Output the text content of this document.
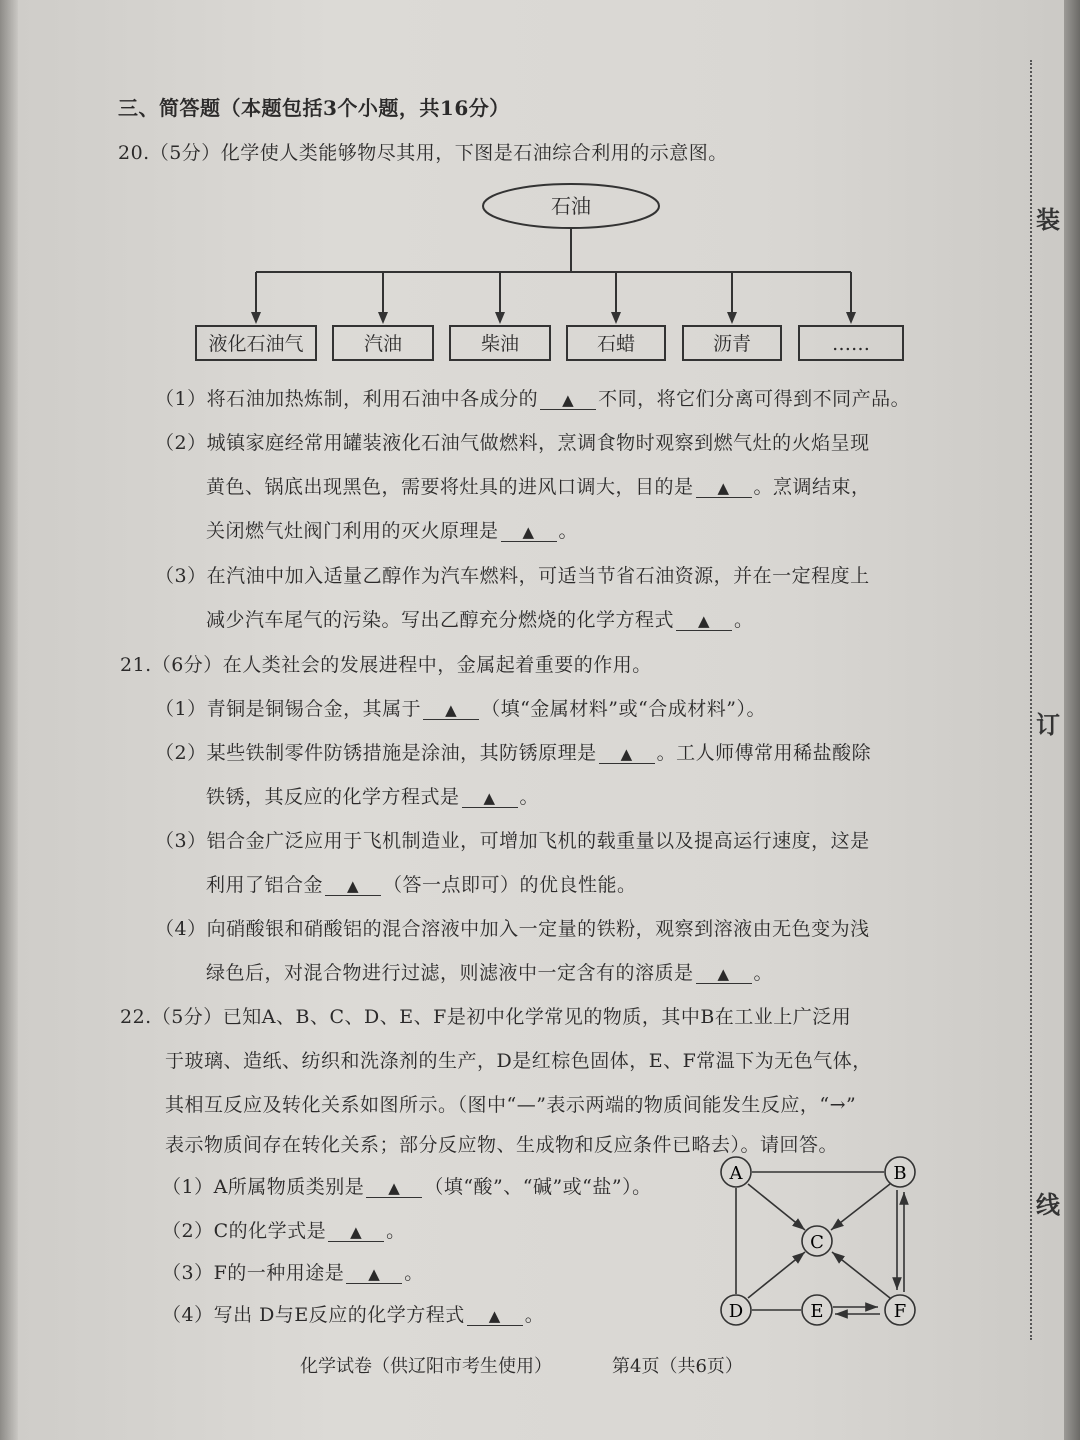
装
订
线
三、简答题（本题包括3个小题，共16分）
20.（5分）化学使人类能够物尽其用，下图是石油综合利用的示意图。
石油
液化石油气	汽油	柴油	石蜡	沥青	……
（1）将石油加热炼制，利用石油中各成分的 ▲ 不同，将它们分离可得到不同产品。
（2）城镇家庭经常用罐装液化石油气做燃料，烹调食物时观察到燃气灶的火焰呈现
黄色、锅底出现黑色，需要将灶具的进风口调大，目的是 ▲ 。烹调结束，
关闭燃气灶阀门利用的灭火原理是 ▲ 。
（3）在汽油中加入适量乙醇作为汽车燃料，可适当节省石油资源，并在一定程度上
减少汽车尾气的污染。写出乙醇充分燃烧的化学方程式 ▲ 。
21.（6分）在人类社会的发展进程中，金属起着重要的作用。
（1）青铜是铜锡合金，其属于 ▲ （填“金属材料”或“合成材料”）。
（2）某些铁制零件防锈措施是涂油，其防锈原理是 ▲ 。工人师傅常用稀盐酸除
铁锈，其反应的化学方程式是 ▲ 。
（3）铝合金广泛应用于飞机制造业，可增加飞机的载重量以及提高运行速度，这是
利用了铝合金 ▲ （答一点即可）的优良性能。
（4）向硝酸银和硝酸铝的混合溶液中加入一定量的铁粉，观察到溶液由无色变为浅
绿色后，对混合物进行过滤，则滤液中一定含有的溶质是 ▲ 。
22.（5分）已知A、B、C、D、E、F是初中化学常见的物质，其中B在工业上广泛用
于玻璃、造纸、纺织和洗涤剂的生产，D是红棕色固体，E、F常温下为无色气体，
其相互反应及转化关系如图所示。（图中“—”表示两端的物质间能发生反应，“→”
表示物质间存在转化关系；部分反应物、生成物和反应条件已略去）。请回答。
（1）A所属物质类别是 ▲ （填“酸”、“碱”或“盐”）。
（2）C的化学式是 ▲ 。
（3）F的一种用途是 ▲ 。
（4）写出 D与E反应的化学方程式 ▲ 。
A	B
C
D	E	F
化学试卷（供辽阳市考生使用）	第4页（共6页）
